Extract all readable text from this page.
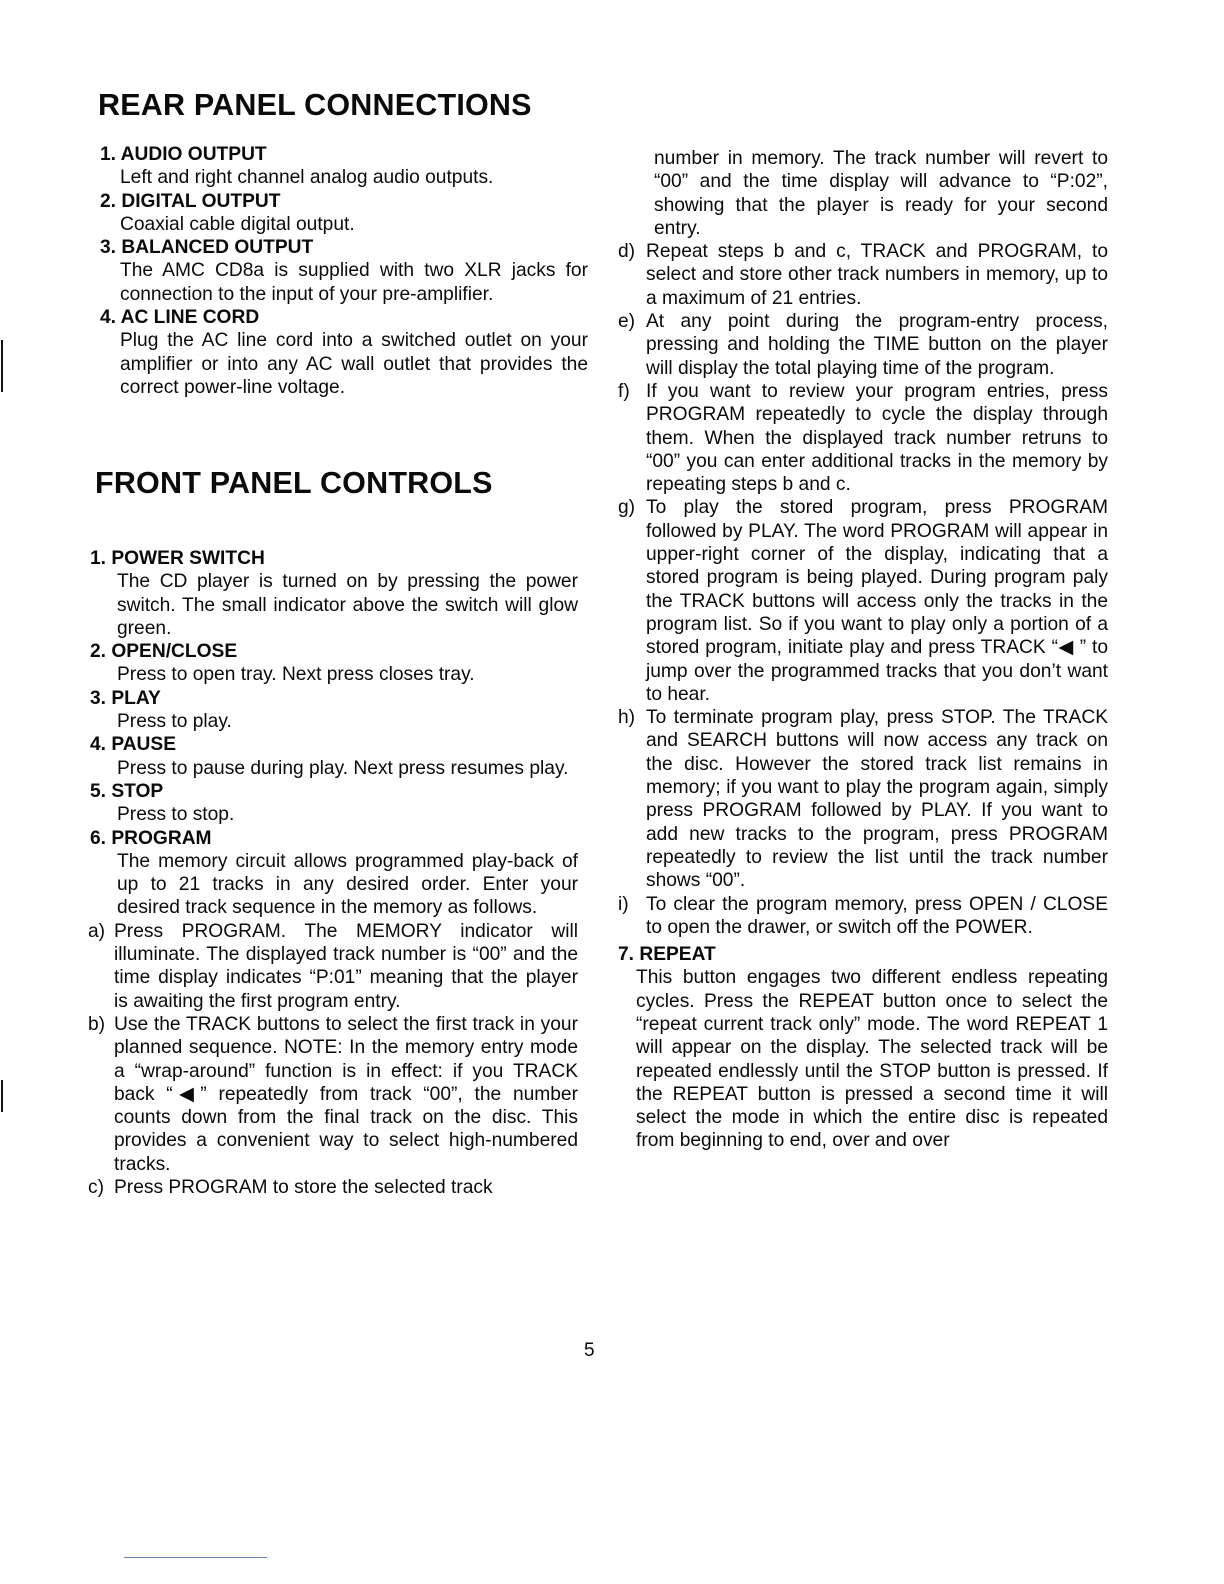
REAR PANEL CONNECTIONS

1. AUDIO OUTPUT

Left and right channel analog audio outputs.

2. DIGITAL OUTPUT

Coaxial cable digital output.

3. BALANCED OUTPUT

The AMC CD8a is supplied with two XLR jacks for connection to the input of your pre-amplifier.

4. AC LINE CORD

Plug the AC line cord into a switched outlet on your amplifier or into any AC wall outlet that provides the correct power-line voltage.

FRONT PANEL CONTROLS

1. POWER SWITCH

The CD player is turned on by pressing the power switch. The small indicator above the switch will glow green.

2. OPEN/CLOSE

Press to open tray. Next press closes tray.

3. PLAY

Press to play.

4. PAUSE

Press to pause during play. Next press resumes play.

5. STOP

Press to stop.

6. PROGRAM

The memory circuit allows programmed play-back of up to 21 tracks in any desired order. Enter your desired track sequence in the memory as follows.

a) Press PROGRAM. The MEMORY indicator will illuminate. The displayed track number is “00” and the time display indicates “P:01” meaning that the player is awaiting the first program entry.
b) Use the TRACK buttons to select the first track in your planned sequence. NOTE: In the memory entry mode a “wrap-around” function is in effect: if you TRACK back “◀” repeatedly from track “00”, the number counts down from the final track on the disc. This provides a convenient way to select high-numbered tracks.
c) Press PROGRAM to store the selected track

number in memory. The track number will revert to “00” and the time display will advance to “P:02”, showing that the player is ready for your second entry.

d) Repeat steps b and c, TRACK and PROGRAM, to select and store other track numbers in memory, up to a maximum of 21 entries.
e) At any point during the program-entry process, pressing and holding the TIME button on the player will display the total playing time of the program.
f) If you want to review your program entries, press PROGRAM repeatedly to cycle the display through them. When the displayed track number retruns to “00” you can enter additional tracks in the memory by repeating steps b and c.
g) To play the stored program, press PROGRAM followed by PLAY. The word PROGRAM will appear in upper-right corner of the display, indicating that a stored program is being played. During program paly the TRACK buttons will access only the tracks in the program list. So if you want to play only a portion of a stored program, initiate play and press TRACK “◀ ” to jump over the programmed tracks that you don’t want to hear.
h) To terminate program play, press STOP. The TRACK and SEARCH buttons will now access any track on the disc. However the stored track list remains in memory; if you want to play the program again, simply press PROGRAM followed by PLAY. If you want to add new tracks to the program, press PROGRAM repeatedly to review the list until the track number shows “00”.
i) To clear the program memory, press OPEN / CLOSE to open the drawer, or switch off the POWER.

7. REPEAT

This button engages two different endless repeating cycles. Press the REPEAT button once to select the “repeat current track only” mode. The word REPEAT 1 will appear on the display. The selected track will be repeated endlessly until the STOP button is pressed. If the REPEAT button is pressed a second time it will select the mode in which the entire disc is repeated from beginning to end, over and over

5
